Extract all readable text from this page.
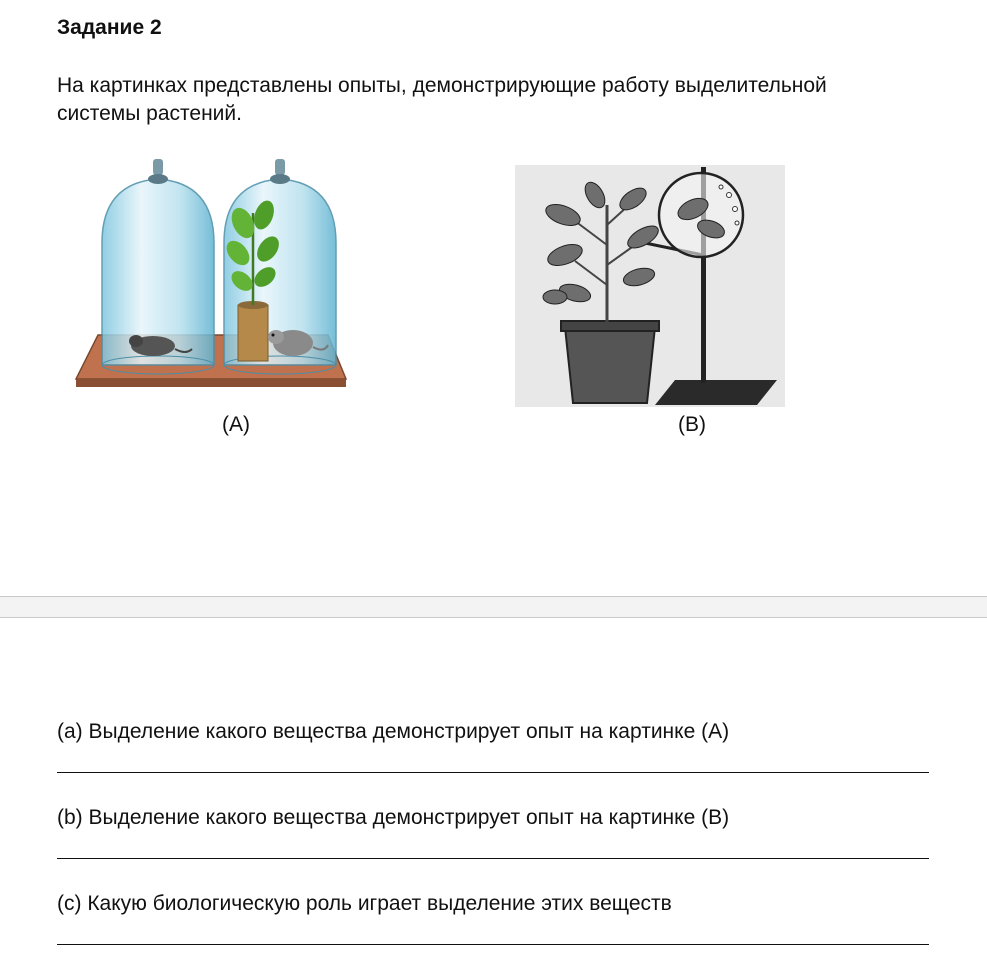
Задание 2
На картинках представлены опыты, демонстрирующие работу выделительной системы растений.
(A)	(B)
(a) Выделение какого вещества демонстрирует опыт на картинке (A)
(b) Выделение какого вещества демонстрирует опыт на картинке (B)
(c) Какую биологическую роль играет выделение этих веществ
